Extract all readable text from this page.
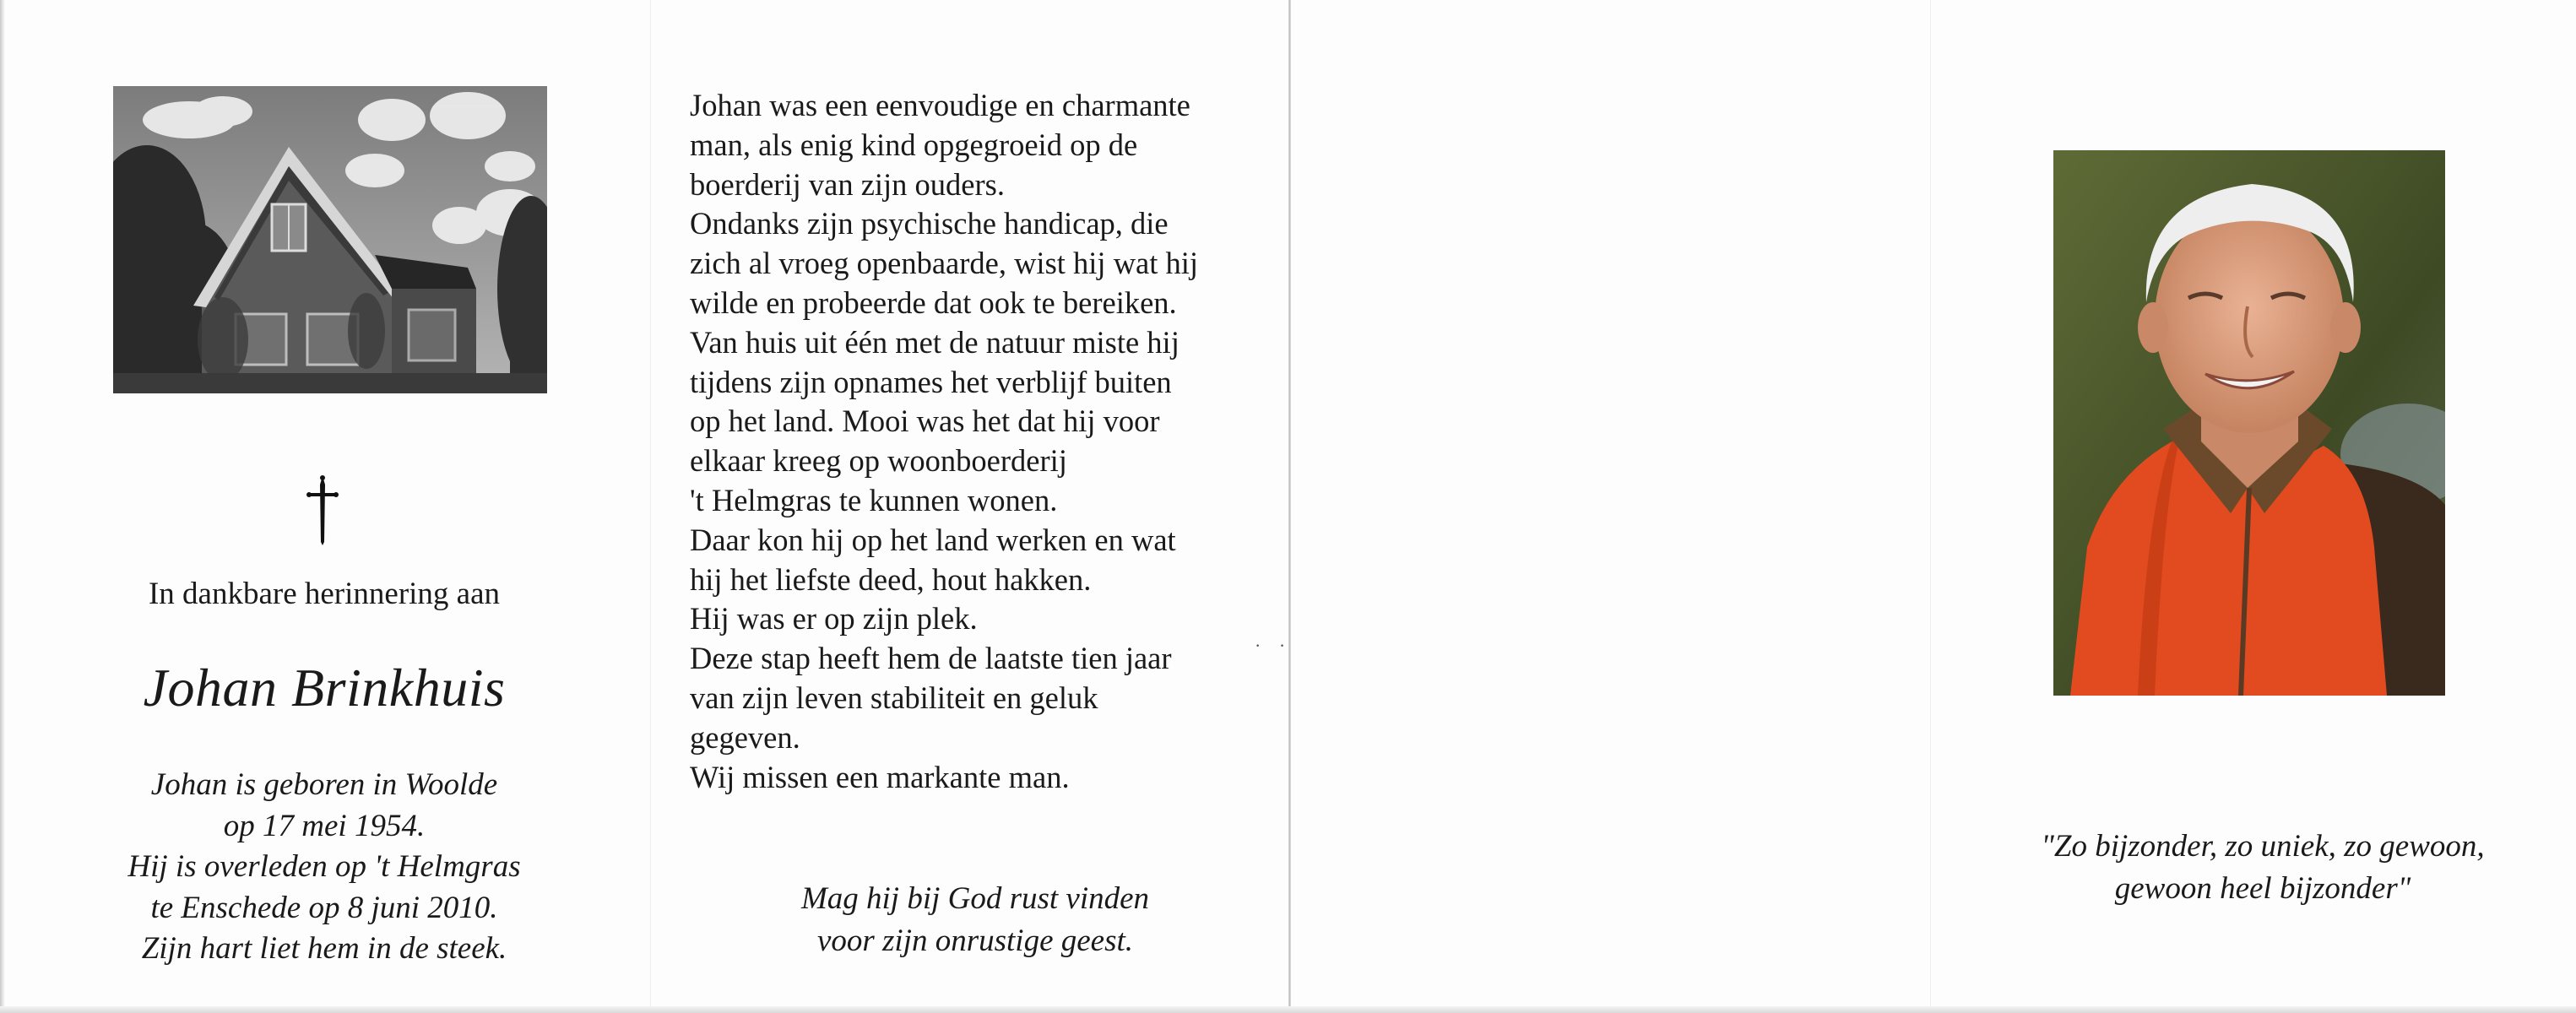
In dankbare herinnering aan
Johan Brinkhuis
Johan is geboren in Woolde
op 17 mei 1954.
Hij is overleden op 't Helmgras
te Enschede op 8 juni 2010.
Zijn hart liet hem in de steek.
Johan was een eenvoudige en charmante
man, als enig kind opgegroeid op de
boerderij van zijn ouders.
Ondanks zijn psychische handicap, die
zich al vroeg openbaarde, wist hij wat hij
wilde en probeerde dat ook te bereiken.
Van huis uit één met de natuur miste hij
tijdens zijn opnames het verblijf buiten
op het land. Mooi was het dat hij voor
elkaar kreeg op woonboerderij
't Helmgras te kunnen wonen.
Daar kon hij op het land werken en wat
hij het liefste deed, hout hakken.
Hij was er op zijn plek.
Deze stap heeft hem de laatste tien jaar
van zijn leven stabiliteit en geluk
gegeven.
Wij missen een markante man.
· ·
Mag hij bij God rust vinden
voor zijn onrustige geest.
"Zo bijzonder, zo uniek, zo gewoon,
gewoon heel bijzonder"
